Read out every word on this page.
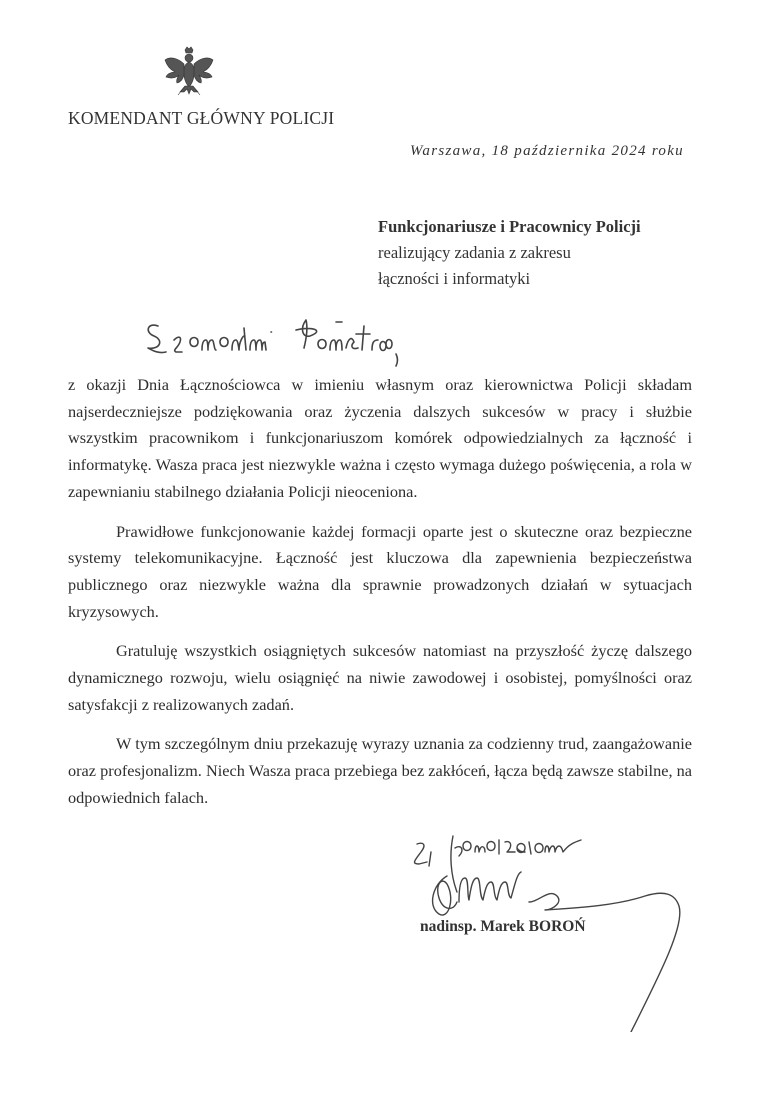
KOMENDANT GŁÓWNY POLICJI
Warszawa, 18 października 2024 roku
Funkcjonariusze i Pracownicy Policji
realizujący zadania z zakresu
łączności i informatyki

z okazji Dnia Łącznościowca w imieniu własnym oraz kierownictwa Policji składam najserdeczniejsze podziękowania oraz życzenia dalszych sukcesów w pracy i służbie wszystkim pracownikom i funkcjonariuszom komórek odpowiedzialnych za łączność i informatykę. Wasza praca jest niezwykle ważna i często wymaga dużego poświęcenia, a rola w zapewnianiu stabilnego działania Policji nieoceniona.

Prawidłowe funkcjonowanie każdej formacji oparte jest o skuteczne oraz bezpieczne systemy telekomunikacyjne. Łączność jest kluczowa dla zapewnienia bezpieczeństwa publicznego oraz niezwykle ważna dla sprawnie prowadzonych działań w sytuacjach kryzysowych.

Gratuluję wszystkich osiągniętych sukcesów natomiast na przyszłość życzę dalszego dynamicznego rozwoju, wielu osiągnięć na niwie zawodowej i osobistej, pomyślności oraz satysfakcji z realizowanych zadań.

W tym szczególnym dniu przekazuję wyrazy uznania za codzienny trud, zaangażowanie oraz profesjonalizm. Niech Wasza praca przebiega bez zakłóceń, łącza będą zawsze stabilne, na odpowiednich falach.

nadinsp. Marek BOROŃ
